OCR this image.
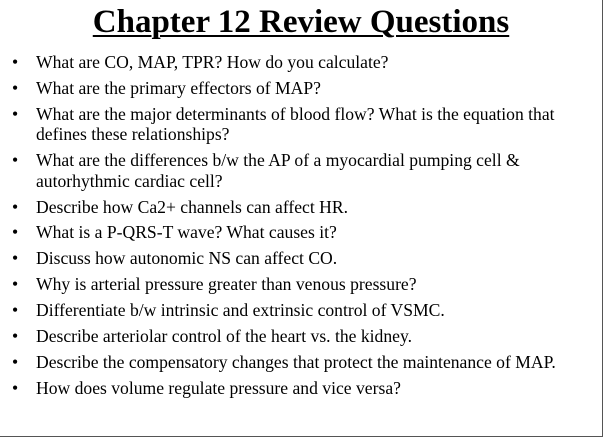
Chapter 12 Review Questions
• What are CO, MAP, TPR? How do you calculate?
• What are the primary effectors of MAP?
• What are the major determinants of blood flow? What is the equation that defines these relationships?
• What are the differences b/w the AP of a myocardial pumping cell & autorhythmic cardiac cell?
• Describe how Ca2+ channels can affect HR.
• What is a P-QRS-T wave? What causes it?
• Discuss how autonomic NS can affect CO.
• Why is arterial pressure greater than venous pressure?
• Differentiate b/w intrinsic and extrinsic control of VSMC.
• Describe arteriolar control of the heart vs. the kidney.
• Describe the compensatory changes that protect the maintenance of MAP.
• How does volume regulate pressure and vice versa?
